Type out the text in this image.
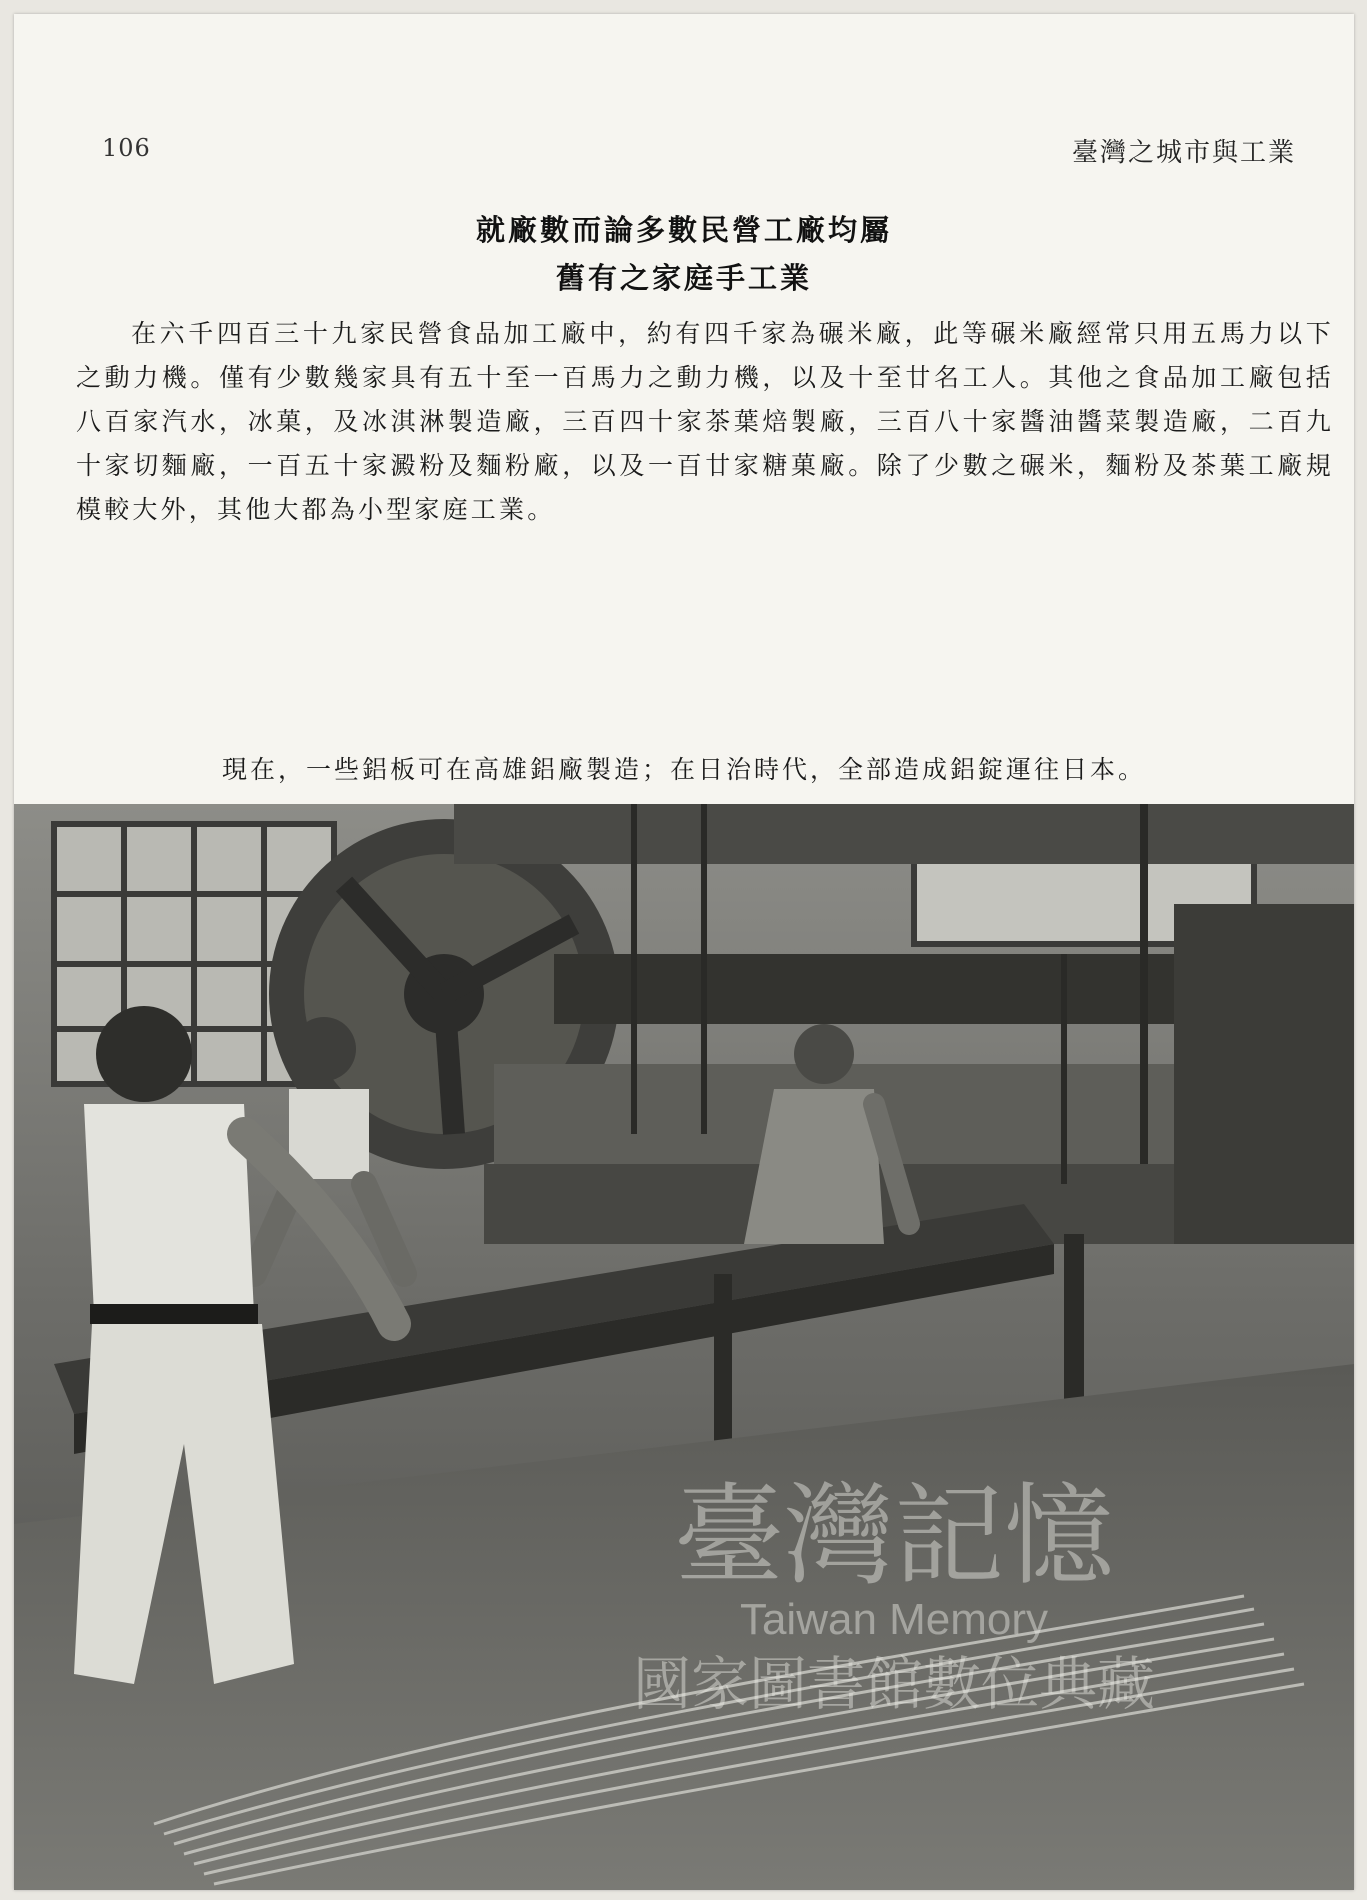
106	臺灣之城市與工業
就廠數而論多數民營工廠均屬
舊有之家庭手工業
在六千四百三十九家民營食品加工廠中，約有四千家為碾米廠，此等碾米廠經常只用五馬力以下之動力機。僅有少數幾家具有五十至一百馬力之動力機，以及十至廿名工人。其他之食品加工廠包括八百家汽水，冰菓，及冰淇淋製造廠，三百四十家茶葉焙製廠，三百八十家醬油醬菜製造廠，二百九十家切麵廠，一百五十家澱粉及麵粉廠，以及一百廿家糖菓廠。除了少數之碾米，麵粉及茶葉工廠規模較大外，其他大都為小型家庭工業。
現在，一些鋁板可在高雄鋁廠製造；在日治時代，全部造成鋁錠運往日本。
臺灣記憶
Taiwan Memory
國家圖書館數位典藏
